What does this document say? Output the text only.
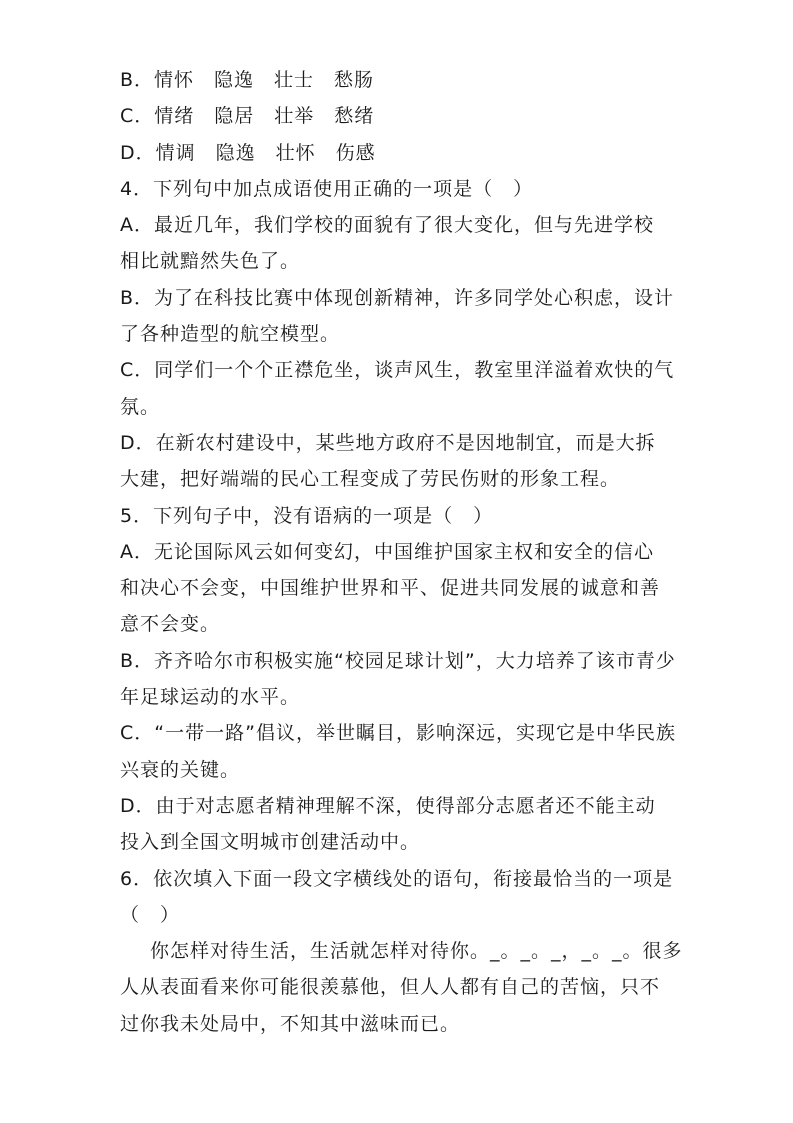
B．情怀　隐逸　壮士　愁肠
C．情绪　隐居　壮举　愁绪
D．情调　隐逸　壮怀　伤感
4．下列句中加点成语使用正确的一项是（　）
A．最近几年，我们学校的面貌有了很大变化，但与先进学校
相比就黯然失色了。
B．为了在科技比赛中体现创新精神，许多同学处心积虑，设计
了各种造型的航空模型。
C．同学们一个个正襟危坐，谈声风生，教室里洋溢着欢快的气
氛。
D．在新农村建设中，某些地方政府不是因地制宜，而是大拆
大建，把好端端的民心工程变成了劳民伤财的形象工程。
5．下列句子中，没有语病的一项是（　）
A．无论国际风云如何变幻，中国维护国家主权和安全的信心
和决心不会变，中国维护世界和平、促进共同发展的诚意和善
意不会变。
B．齐齐哈尔市积极实施“校园足球计划”，大力培养了该市青少
年足球运动的水平。
C．“一带一路”倡议，举世瞩目，影响深远，实现它是中华民族
兴衰的关键。
D．由于对志愿者精神理解不深，使得部分志愿者还不能主动
投入到全国文明城市创建活动中。
6．依次填入下面一段文字横线处的语句，衔接最恰当的一项是
（　）
你怎样对待生活，生活就怎样对待你。_。_。_，_。_。很多
人从表面看来你可能很羡慕他，但人人都有自己的苦恼，只不
过你我未处局中，不知其中滋味而已。
